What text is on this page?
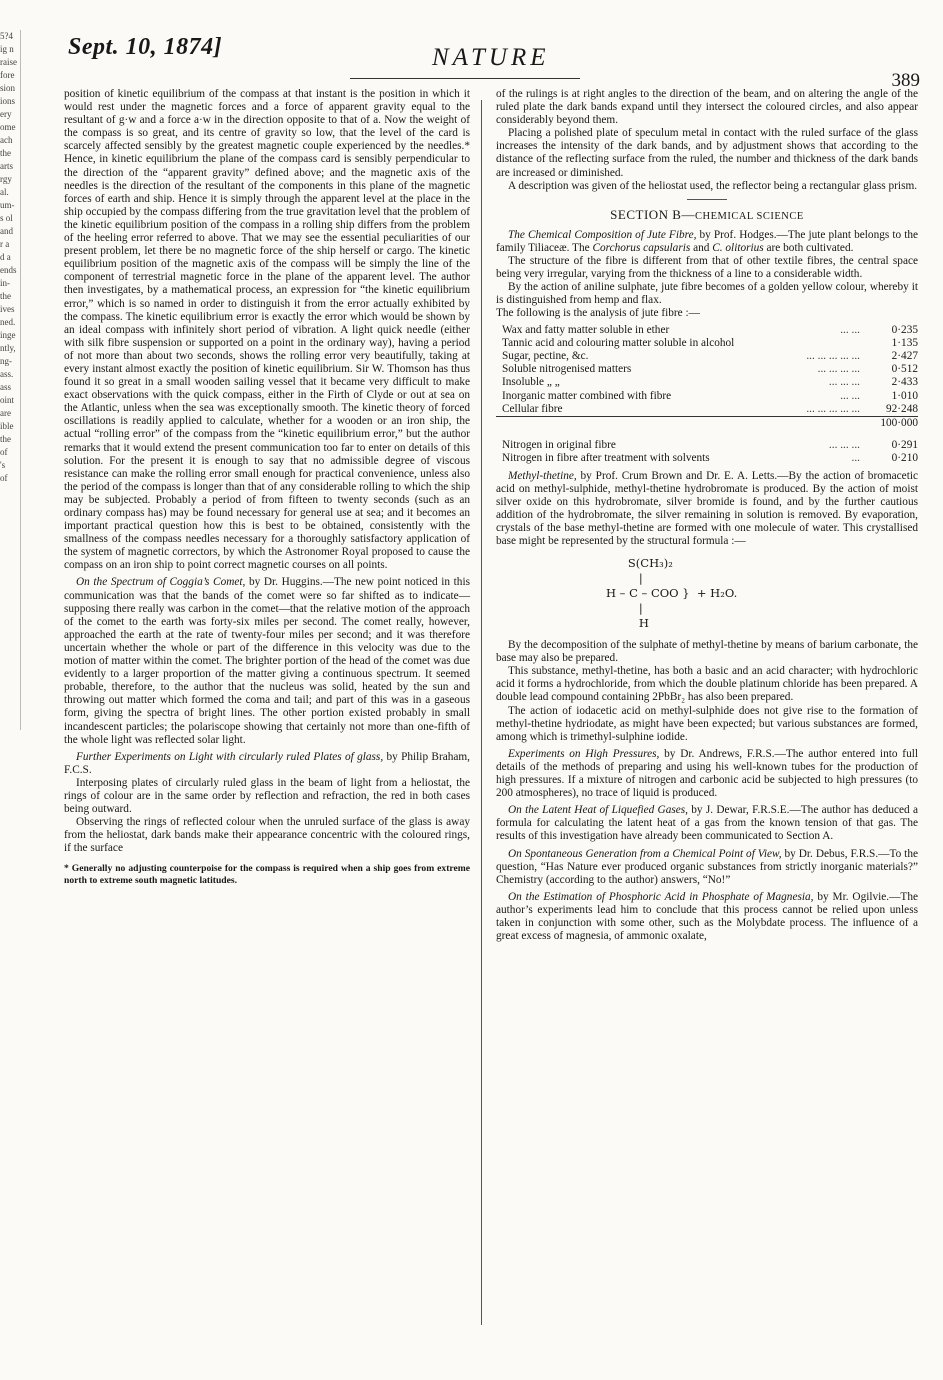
5?4
ig n
raise
fore
sion
ions
ery
ome
ach
the
arts
rgy
al.
um-
s ol
and
r a
d a
ends
in-
the
ives
ned.
inge
ntly,
ng-
ass.
ass
oint
are
ible
the
of
's
of
Sept. 10, 1874]	NATURE
389

position of kinetic equilibrium of the compass at that instant is the position in which it would rest under the magnetic forces and a force of apparent gravity equal to the resultant of g·w and a force a·w in the direction opposite to that of a. Now the weight of the compass is so great, and its centre of gravity so low, that the level of the card is scarcely affected sensibly by the greatest magnetic couple experienced by the needles.* Hence, in kinetic equilibrium the plane of the compass card is sensibly perpendicular to the direction of the “apparent gravity” defined above; and the magnetic axis of the needles is the direction of the resultant of the components in this plane of the magnetic forces of earth and ship. Hence it is simply through the apparent level at the place in the ship occupied by the compass differing from the true gravitation level that the problem of the kinetic equilibrium position of the compass in a rolling ship differs from the problem of the heeling error referred to above. That we may see the essential peculiarities of our present problem, let there be no magnetic force of the ship herself or cargo. The kinetic equilibrium position of the magnetic axis of the compass will be simply the line of the component of terrestrial magnetic force in the plane of the apparent level. The author then investigates, by a mathematical process, an expression for “the kinetic equilibrium error,” which is so named in order to distinguish it from the error actually exhibited by the compass. The kinetic equilibrium error is exactly the error which would be shown by an ideal compass with infinitely short period of vibration. A light quick needle (either with silk fibre suspension or supported on a point in the ordinary way), having a period of not more than about two seconds, shows the rolling error very beautifully, taking at every instant almost exactly the position of kinetic equilibrium. Sir W. Thomson has thus found it so great in a small wooden sailing vessel that it became very difficult to make exact observations with the quick compass, either in the Firth of Clyde or out at sea on the Atlantic, unless when the sea was exceptionally smooth. The kinetic theory of forced oscillations is readily applied to calculate, whether for a wooden or an iron ship, the actual “rolling error” of the compass from the “kinetic equilibrium error,” but the author remarks that it would extend the present communication too far to enter on details of this solution. For the present it is enough to say that no admissible degree of viscous resistance can make the rolling error small enough for practical convenience, unless also the period of the compass is longer than that of any considerable rolling to which the ship may be subjected. Probably a period of from fifteen to twenty seconds (such as an ordinary compass has) may be found necessary for general use at sea; and it becomes an important practical question how this is best to be obtained, consistently with the smallness of the compass needles necessary for a thoroughly satisfactory application of the system of magnetic correctors, by which the Astronomer Royal proposed to cause the compass on an iron ship to point correct magnetic courses on all points.

On the Spectrum of Coggia’s Comet, by Dr. Huggins.—The new point noticed in this communication was that the bands of the comet were so far shifted as to indicate—supposing there really was carbon in the comet—that the relative motion of the approach of the comet to the earth was forty-six miles per second. The comet really, however, approached the earth at the rate of twenty-four miles per second; and it was therefore uncertain whether the whole or part of the difference in this velocity was due to the motion of matter within the comet. The brighter portion of the head of the comet was due evidently to a larger proportion of the matter giving a continuous spectrum. It seemed probable, therefore, to the author that the nucleus was solid, heated by the sun and throwing out matter which formed the coma and tail; and part of this was in a gaseous form, giving the spectra of bright lines. The other portion existed probably in small incandescent particles; the polariscope showing that certainly not more than one-fifth of the whole light was reflected solar light.

Further Experiments on Light with circularly ruled Plates of glass, by Philip Braham, F.C.S.

Interposing plates of circularly ruled glass in the beam of light from a heliostat, the rings of colour are in the same order by reflection and refraction, the red in both cases being outward.

Observing the rings of reflected colour when the unruled surface of the glass is away from the heliostat, dark bands make their appearance concentric with the coloured rings, if the surface

* Generally no adjusting counterpoise for the compass is required when a ship goes from extreme north to extreme south magnetic latitudes.

of the rulings is at right angles to the direction of the beam, and on altering the angle of the ruled plate the dark bands expand until they intersect the coloured circles, and also appear considerably beyond them.

Placing a polished plate of speculum metal in contact with the ruled surface of the glass increases the intensity of the dark bands, and by adjustment shows that according to the distance of the reflecting surface from the ruled, the number and thickness of the dark bands are increased or diminished.

A description was given of the heliostat used, the reflector being a rectangular glass prism.

SECTION B—CHEMICAL SCIENCE

The Chemical Composition of Jute Fibre, by Prof. Hodges.—The jute plant belongs to the family Tiliaceæ. The Corchorus capsularis and C. olitorius are both cultivated.

The structure of the fibre is different from that of other textile fibres, the central space being very irregular, varying from the thickness of a line to a considerable width.

By the action of aniline sulphate, jute fibre becomes of a golden yellow colour, whereby it is distinguished from hemp and flax.

The following is the analysis of jute fibre :—

Wax and fatty matter soluble in ether	... ...	0·235
Tannic acid and colouring matter soluble in alcohol		1·135
Sugar, pectine, &c.	... ... ... ... ...	2·427
Soluble nitrogenised matters	... ... ... ...	0·512
Insoluble „ „	... ... ...	2·433
Inorganic matter combined with fibre	... ...	1·010
Cellular fibre	... ... ... ... ...	92·248
		100·000
Nitrogen in original fibre	... ... ...	0·291
Nitrogen in fibre after treatment with solvents	...	0·210

Methyl-thetine, by Prof. Crum Brown and Dr. E. A. Letts.—By the action of bromacetic acid on methyl-sulphide, methyl-thetine hydrobromate is produced. By the action of moist silver oxide on this hydrobromate, silver bromide is found, and by the further cautious addition of the hydrobromate, the silver remaining in solution is removed. By evaporation, crystals of the base methyl-thetine are formed with one molecule of water. This crystallised base might be represented by the structural formula :—

S(CH₃)₂
|
H – C – COO }  + H₂O.
|
H

By the decomposition of the sulphate of methyl-thetine by means of barium carbonate, the base may also be prepared.

This substance, methyl-thetine, has both a basic and an acid character; with hydrochloric acid it forms a hydrochloride, from which the double platinum chloride has been prepared. A double lead compound containing 2PbBr₂ has also been prepared.

The action of iodacetic acid on methyl-sulphide does not give rise to the formation of methyl-thetine hydriodate, as might have been expected; but various substances are formed, among which is trimethyl-sulphine iodide.

Experiments on High Pressures, by Dr. Andrews, F.R.S.—The author entered into full details of the methods of preparing and using his well-known tubes for the production of high pressures. If a mixture of nitrogen and carbonic acid be subjected to high pressures (to 200 atmospheres), no trace of liquid is produced.

On the Latent Heat of Liquefied Gases, by J. Dewar, F.R.S.E.—The author has deduced a formula for calculating the latent heat of a gas from the known tension of that gas. The results of this investigation have already been communicated to Section A.

On Spontaneous Generation from a Chemical Point of View, by Dr. Debus, F.R.S.—To the question, “Has Nature ever produced organic substances from strictly inorganic materials?” Chemistry (according to the author) answers, “No!”

On the Estimation of Phosphoric Acid in Phosphate of Magnesia, by Mr. Ogilvie.—The author’s experiments lead him to conclude that this process cannot be relied upon unless taken in conjunction with some other, such as the Molybdate process. The influence of a great excess of magnesia, of ammonic oxalate,
